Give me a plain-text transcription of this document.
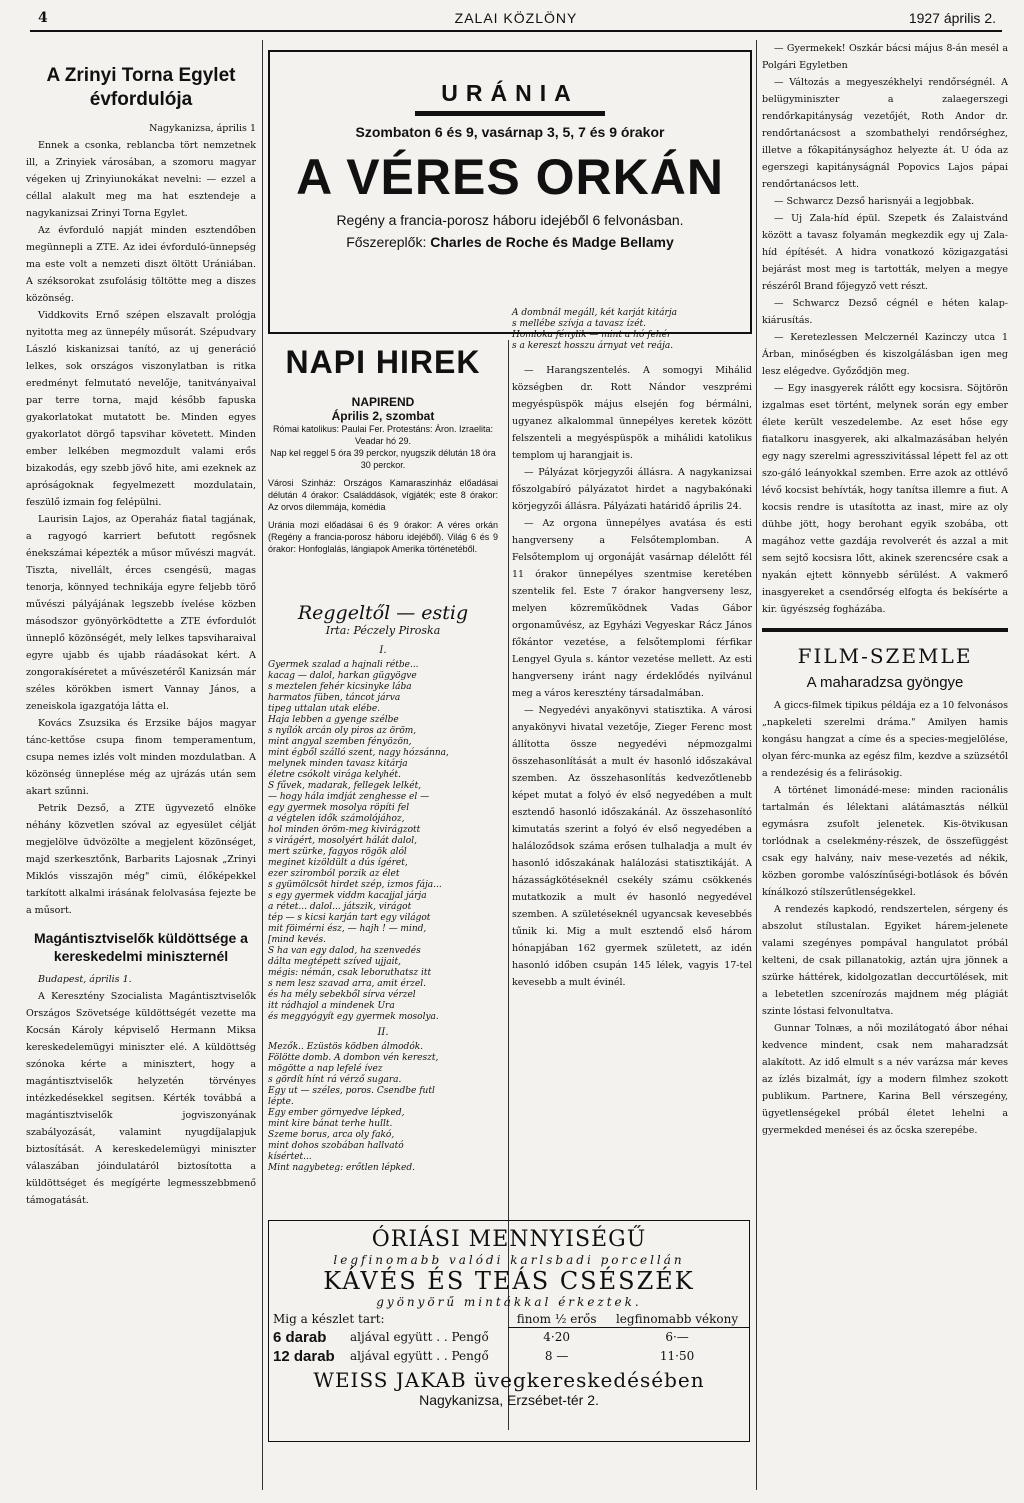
4	ZALAI KÖZLÖNY	1927 április 2.
A Zrinyi Torna Egylet évfordulója

Nagykanizsa, április 1

Ennek a csonka, reblancba tört nemzetnek ill, a Zrinyiek városában, a szomoru magyar végeken uj Zrinyiunokákat nevelni: — ezzel a céllal alakult meg ma hat esztendeje a nagykanizsai Zrinyi Torna Egylet.

Az évforduló napját minden esztendőben megünnepli a ZTE. Az idei évforduló-ünnepség ma este volt a nemzeti diszt öltött Urániában. A széksorokat zsufolásig töltötte meg a diszes közönség.

Viddkovits Ernő szépen elszavalt prológja nyitotta meg az ünnepély műsorát. Szépudvary László kiskanizsai tanító, az uj generáció lelkes, sok országos viszonylatban is ritka eredményt felmutató nevelője, tanitványaival par terre torna, majd később fapuska gyakorlatokat mutatott be. Minden egyes gyakorlatot dörgő tapsvihar követett. Minden ember lelkében megmozdult valami erős bizakodás, egy szebb jövő hite, ami ezeknek az apróságoknak fegyelmezett mozdulatain, feszülő izmain fog felépülni.

Laurisin Lajos, az Operaház fiatal tagjának, a ragyogó karriert befutott regősnek énekszámai képezték a műsor művészi magvát. Tiszta, nivellált, érces csengésü, magas tenorja, könnyed technikája egyre feljebb törő művészi pályájának legszebb ívelése közben másodszor gyönyörködtette a ZTE évfordulót ünneplő közönségét, mely lelkes tapsviharaival egyre ujabb és ujabb ráadásokat kért. A zongorakíséretet a művészetéről Kanizsán már széles körökben ismert Vannay János, a zeneiskola igazgatója látta el.

Kovács Zsuzsika és Erzsike bájos magyar tánc-kettőse csupa finom temperamentum, csupa nemes izlés volt minden mozdulatban. A közönség ünneplése még az ujrázás után sem akart szűnni.

Petrik Dezső, a ZTE ügyvezető elnöke néhány közvetlen szóval az egyesület célját megjelölve üdvözölte a megjelent közönséget, majd szerkesztőnk, Barbarits Lajosnak „Zrinyi Miklós visszajön még" cimü, élőképekkel tarkított alkalmi irásának felolvasása fejezte be a műsort.

Magántisztviselők küldöttsége a kereskedelmi miniszternél

Budapest, április 1.

A Keresztény Szocialista Magántisztviselők Országos Szövetsége küldöttségét vezette ma Kocsán Károly képviselő Hermann Miksa kereskedelemügyi miniszter elé. A küldöttség szónoka kérte a minisztert, hogy a magántisztviselők helyzetén törvényes intézkedésekkel segitsen. Kérték továbbá a magántisztviselők jogviszonyának szabályozását, valamint nyugdíjalapjuk biztosítását. A kereskedelemügyi miniszter válaszában jóindulatáról biztosította a küldöttséget és megígérte legmesszebbmenő támogatását.

URÁNIA
Szombaton 6 és 9, vasárnap 3, 5, 7 és 9 órakor
A VÉRES ORKÁN
Regény a francia-porosz háboru idejéből 6 felvonásban.
Főszereplők: Charles de Roche és Madge Bellamy
NAPI HIREK
NAPIREND
Április 2, szombat

Római katolikus: Paulai Fer. Protestáns: Áron. Izraelita: Veadar hó 29.

Nap kel reggel 5 óra 39 perckor, nyugszik délután 18 óra 30 perckor.

Városi Szinház: Országos Kamaraszinház előadásai délután 4 órakor: Családdások, vígjáték; este 8 órakor: Az orvos dilemmája, komédia

Uránia mozi előadásai 6 és 9 órakor: A véres orkán (Regény a francia-porosz háboru idejéből). Világ 6 és 9 órakor: Honfoglalás, lángiapok Amerika történetéből.

Reggeltől — estig
Irta: Péczely Piroska
I.
Gyermek szalad a hajnali rétbe...
kacag — dalol, harkan gügyögve
s meztelen fehér kicsinyke lába
harmatos füben, táncot járva
tipeg uttalan utak elébe.
Haja lebben a gyenge szélbe
s nyílók arcán oly piros az öröm,
mint angyal szemben fényözön,
mint égből szálló szent, nagy hózsánna,
melynek minden tavasz kitárja
életre csókolt virága kelyhét.
S fűvek, madarak, fellegek lelkét,
— hogy hála imdját zenghesse el —
egy gyermek mosolya röpíti fel
a végtelen idők számolójához,
hol minden öröm-meg kivirágzott
s virágért, mosolyért hálát dalol,
mert szürke, fagyos rögök alól
meginet kizöldült a dús ígéret,
ezer sziromból porzik az élet
s gyümölcsöt hirdet szép, izmos fája...
s egy gyermek viddm kacajjal járja
a rétet... dalol... játszik, virágot
tép — s kicsi karján tart egy világot
mit föimérni ész, — hajh ! — mind,
[mind kevés.
S ha van egy dalod, ha szenvedés
dálta megtépett szíved ujjait,
mégis: némán, csak leboruthatsz itt
s nem lesz szavad arra, amit érzel.
és ha mély sebekből sírva vérzel
itt rádhajol a mindenek Ura
és meggyógyít egy gyermek mosolya.
II.
Mezők.. Ezüstös ködben álmodók.
Fölötte domb. A dombon vén kereszt,
mögötte a nap lefelé ívez
s gördít hínt rá vérző sugara.
Egy ut — széles, poros. Csendbe futl
lépte.
Egy ember görnyedve lépked,
mint kire bánat terhe hullt.
Szeme borus, arca oly fakó,
mint dohos szobában hallvató
kísértet...
Mint nagybeteg: erőtlen lépked.
A dombnál megáll, két karját kitárja
s mellébe szívja a tavasz ízét.
Homloka fénylik — mint a hó fehér
s a kereszt hosszu árnyat vet reája.

— Harangszentelés. A somogyi Mihálid községben dr. Rott Nándor veszprémi megyéspüspök május elsején fog bérmálni, ugyanez alkalommal ünnepélyes keretek között felszenteli a megyéspüspök a mihálidi katolikus templom uj harangjait is.

— Pályázat körjegyzői állásra. A nagykanizsai főszolgabíró pályázatot hirdet a nagybakónaki körjegyzői állásra. Pályázati határidő április 24.

— Az orgona ünnepélyes avatása és esti hangverseny a Felsőtemplomban. A Felsőtemplom uj orgonáját vasárnap délelőtt fél 11 órakor ünnepélyes szentmise keretében szentelik fel. Este 7 órakor hangverseny lesz, melyen közreműködnek Vadas Gábor orgonaművész, az Egyházi Vegyeskar Rácz János főkántor vezetése, a felsőtemplomi férfikar Lengyel Gyula s. kántor vezetése mellett. Az esti hangverseny iránt nagy érdeklődés nyilvánul meg a város keresztény társadalmában.

— Negyedévi anyakönyvi statisztika. A városi anyakönyvi hivatal vezetője, Zieger Ferenc most állította össze negyedévi népmozgalmi összehasonlítását a mult év hasonló időszakával szemben. Az összehasonlítás kedvezőtlenebb képet mutat a folyó év első negyedében a mult esztendő hasonló időszakánál. Az összehasonlító kimutatás szerint a folyó év első negyedében a haláloződsok száma erősen tulhaladja a mult év hasonló időszakának halálozási statisztikáját. A házasságkötéseknél csekély számu csökkenés mutatkozik a mult év hasonló negyedével szemben. A születéseknél ugyancsak kevesebbés tűnik ki. Mig a mult esztendő első három hónapjában 162 gyermek született, az idén hasonló időben csupán 145 lélek, vagyis 17-tel kevesebb a mult évinél.

ÓRIÁSI MENNYISÉGŰ
legfinomabb valódi karlsbadi porcellán
KÁVÉS ÉS TEÁS CSÉSZÉK
gyönyörű mintákkal érkeztek.
Mig a készlet tart:		finom ½ erős	legfinomabb vékony
6 darab	aljával együtt . . Pengő	4·20	6·—
12 darab	aljával együtt . . Pengő	8 —	11·50
WEISS JAKAB üvegkereskedésében
Nagykanizsa, Erzsébet-tér 2.

— Gyermekek! Oszkár bácsi május 8-án mesél a Polgári Egyletben

— Változás a megyeszékhelyi rendőrségnél. A belügyminiszter a zalaegerszegi rendőrkapitányság vezetőjét, Roth Andor dr. rendőrtanácsost a szombathelyi rendőrséghez, illetve a főkapitánysághoz helyezte át. U óda az egerszegi kapitányságnál Popovics Lajos pápai rendőrtanácsos lett.

— Schwarcz Dezső harisnyái a legjobbak.

— Uj Zala-híd épül. Szepetk és Zalaistvánd között a tavasz folyamán megkezdik egy uj Zala-híd építését. A hidra vonatkozó közigazgatási bejárást most meg is tartották, melyen a megye részéről Brand főjegyző vett részt.

— Schwarcz Dezső cégnél e héten kalap-kiárusítás.

— Keretezlessen Melczernél Kazinczy utca 1 Árban, minőségben és kiszolgálásban igen meg lesz elégedve. Győződjön meg.

— Egy inasgyerek rálőtt egy kocsisra. Söjtörön izgalmas eset történt, melynek során egy ember élete került veszedelembe. Az eset hőse egy fiatalkoru inasgyerek, aki alkalmazásában helyén egy nagy szerelmi agresszivitással lépett fel az ott szo-gáló leányokkal szemben. Erre azok az ottlévő lévő kocsist behívták, hogy tanítsa illemre a fiut. A kocsis rendre is utasította az inast, mire az oly dühbe jött, hogy berohant egyik szobába, ott magához vette gazdája revolverét és azzal a mit sem sejtő kocsisra lőtt, akinek szerencsére csak a nyakán ejtett könnyebb sérülést. A vakmerő inasgyereket a csendőrség elfogta és bekísérte a kir. ügyészség fogházába.

FILM-SZEMLE
A maharadzsa gyöngye

A giccs-filmek tipikus példája ez a 10 felvonásos „napkeleti szerelmi dráma." Amilyen hamis kongásu hangzat a címe és a species-megjelölése, olyan férc-munka az egész film, kezdve a szüzsétől a rendezésig és a felirásokig.

A történet limonádé-mese: minden racionális tartalmán és lélektani alátámasztás nélkül egymásra zsufolt jelenetek. Kis-ötvikusan torlódnak a cselekmény-részek, de összefüggést csak egy halvány, naiv mese-vezetés ad nékik, közben gorombe valószínűségi-botlások és bővén kínálkozó stílszerűtlenségekkel.

A rendezés kapkodó, rendszertelen, sérgeny és abszolut stílustalan. Egyiket hárem-jelenete valami szegényes pompával hangulatot próbál kelteni, de csak pillanatokig, aztán ujra jönnek a szürke háttérek, kidolgozatlan deccurtölések, mit a lebetetlen szcenírozás majdnem még plágiát szinte lóstasi felvonultatva.

Gunnar Tolnæs, a női mozilátogató ábor néhai kedvence mindent, csak nem maharadzsát alakított. Az idő elmult s a név varázsa már keves az ízlés bizalmát, így a modern filmhez szokott publikum. Partnere, Karina Bell vérszegény, ügyetlenségekel próbál életet lehelni a gyermekded menései és az őcska szerepébe.
